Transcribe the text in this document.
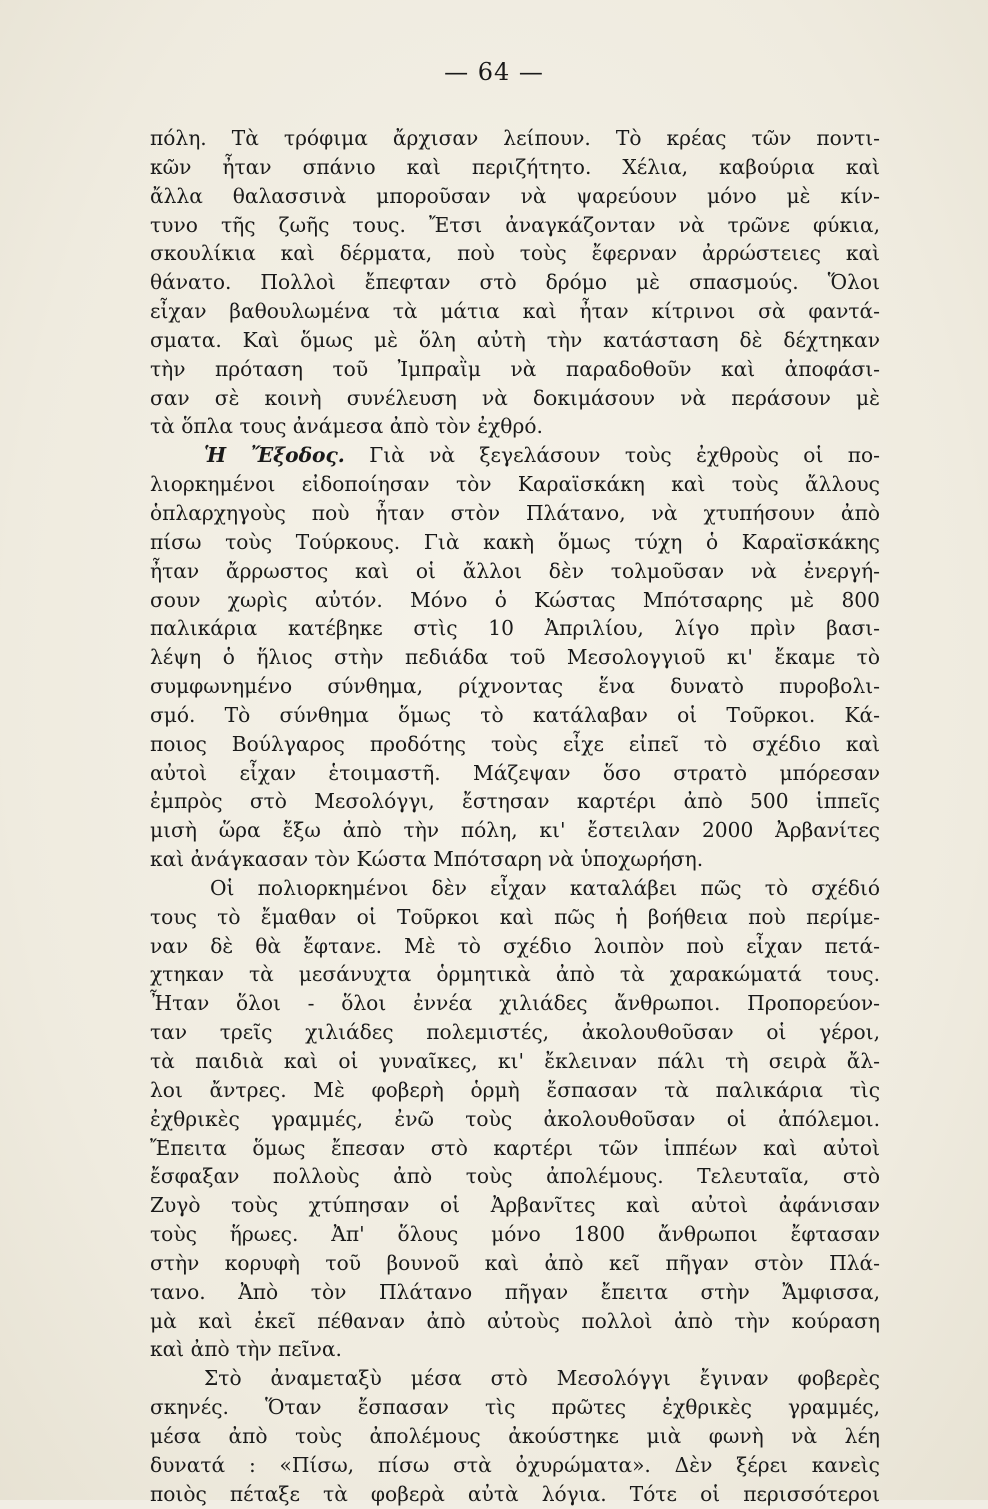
— 64 —
πόλη. Τὰ τρόφιμα ἄρχισαν λείπουν. Τὸ κρέας τῶν ποντι-
κῶν ἦταν σπάνιο καὶ περιζήτητο. Χέλια, καβούρια καὶ
ἄλλα θαλασσινὰ μποροῦσαν νὰ ψαρεύουν μόνο μὲ κίν-
τυνο τῆς ζωῆς τους. Ἔτσι ἀναγκάζονταν νὰ τρῶνε φύκια,
σκουλίκια καὶ δέρματα, ποὺ τοὺς ἔφερναν ἀρρώστειες καὶ
θάνατο. Πολλοὶ ἔπεφταν στὸ δρόμο μὲ σπασμούς. Ὅλοι
εἶχαν βαθουλωμένα τὰ μάτια καὶ ἦταν κίτρινοι σὰ φαντά-
σματα. Καὶ ὅμως μὲ ὅλη αὐτὴ τὴν κατάσταση δὲ δέχτηκαν
τὴν πρόταση τοῦ Ἰμπραῒμ νὰ παραδοθοῦν καὶ ἀποφάσι-
σαν σὲ κοινὴ συνέλευση νὰ δοκιμάσουν νὰ περάσουν μὲ
τὰ ὅπλα τους ἀνάμεσα ἀπὸ τὸν ἐχθρό.
Ἡ Ἔξοδος. Γιὰ νὰ ξεγελάσουν τοὺς ἐχθροὺς οἱ πο-
λιορκημένοι εἰδοποίησαν τὸν Καραϊσκάκη καὶ τοὺς ἄλλους
ὁπλαρχηγοὺς ποὺ ἦταν στὸν Πλάτανο, νὰ χτυπήσουν ἀπὸ
πίσω τοὺς Τούρκους. Γιὰ κακὴ ὅμως τύχη ὁ Καραϊσκάκης
ἦταν ἄρρωστος καὶ οἱ ἄλλοι δὲν τολμοῦσαν νὰ ἐνεργή-
σουν χωρὶς αὐτόν. Μόνο ὁ Κώστας Μπότσαρης μὲ 800
παλικάρια κατέβηκε στὶς 10 Ἀπριλίου, λίγο πρὶν βασι-
λέψη ὁ ἥλιος στὴν πεδιάδα τοῦ Μεσολογγιοῦ κι' ἔκαμε τὸ
συμφωνημένο σύνθημα, ρίχνοντας ἕνα δυνατὸ πυροβολι-
σμό. Τὸ σύνθημα ὅμως τὸ κατάλαβαν οἱ Τοῦρκοι. Κά-
ποιος Βούλγαρος προδότης τοὺς εἶχε εἰπεῖ τὸ σχέδιο καὶ
αὐτοὶ εἶχαν ἑτοιμαστῆ. Μάζεψαν ὅσο στρατὸ μπόρεσαν
ἐμπρὸς στὸ Μεσολόγγι, ἔστησαν καρτέρι ἀπὸ 500 ἱππεῖς
μισὴ ὥρα ἔξω ἀπὸ τὴν πόλη, κι' ἔστειλαν 2000 Ἀρβανίτες
καὶ ἀνάγκασαν τὸν Κώστα Μπότσαρη νὰ ὑποχωρήση.
Οἱ πολιορκημένοι δὲν εἶχαν καταλάβει πῶς τὸ σχέδιό
τους τὸ ἔμαθαν οἱ Τοῦρκοι καὶ πῶς ἡ βοήθεια ποὺ περίμε-
ναν δὲ θὰ ἔφτανε. Μὲ τὸ σχέδιο λοιπὸν ποὺ εἶχαν πετά-
χτηκαν τὰ μεσάνυχτα ὁρμητικὰ ἀπὸ τὰ χαρακώματά τους.
Ἦταν ὅλοι - ὅλοι ἐννέα χιλιάδες ἄνθρωποι. Προπορεύον-
ταν τρεῖς χιλιάδες πολεμιστές, ἀκολουθοῦσαν οἱ γέροι,
τὰ παιδιὰ καὶ οἱ γυναῖκες, κι' ἔκλειναν πάλι τὴ σειρὰ ἄλ-
λοι ἄντρες. Μὲ φοβερὴ ὁρμὴ ἔσπασαν τὰ παλικάρια τὶς
ἐχθρικὲς γραμμές, ἐνῶ τοὺς ἀκολουθοῦσαν οἱ ἀπόλεμοι.
Ἔπειτα ὅμως ἔπεσαν στὸ καρτέρι τῶν ἱππέων καὶ αὐτοὶ
ἔσφαξαν πολλοὺς ἀπὸ τοὺς ἀπολέμους. Τελευταῖα, στὸ
Ζυγὸ τοὺς χτύπησαν οἱ Ἀρβανῖτες καὶ αὐτοὶ ἀφάνισαν
τοὺς ἥρωες. Ἀπ' ὅλους μόνο 1800 ἄνθρωποι ἔφτασαν
στὴν κορυφὴ τοῦ βουνοῦ καὶ ἀπὸ κεῖ πῆγαν στὸν Πλά-
τανο. Ἀπὸ τὸν Πλάτανο πῆγαν ἔπειτα στὴν Ἄμφισσα,
μὰ καὶ ἐκεῖ πέθαναν ἀπὸ αὐτοὺς πολλοὶ ἀπὸ τὴν κούραση
καὶ ἀπὸ τὴν πεῖνα.
Στὸ ἀναμεταξὺ μέσα στὸ Μεσολόγγι ἔγιναν φοβερὲς
σκηνές. Ὅταν ἔσπασαν τὶς πρῶτες ἐχθρικὲς γραμμές,
μέσα ἀπὸ τοὺς ἀπολέμους ἀκούστηκε μιὰ φωνὴ νὰ λέη
δυνατά : «Πίσω, πίσω στὰ ὀχυρώματα». Δὲν ξέρει κανεὶς
ποιὸς πέταξε τὰ φοβερὰ αὐτὰ λόγια. Τότε οἱ περισσότεροι
